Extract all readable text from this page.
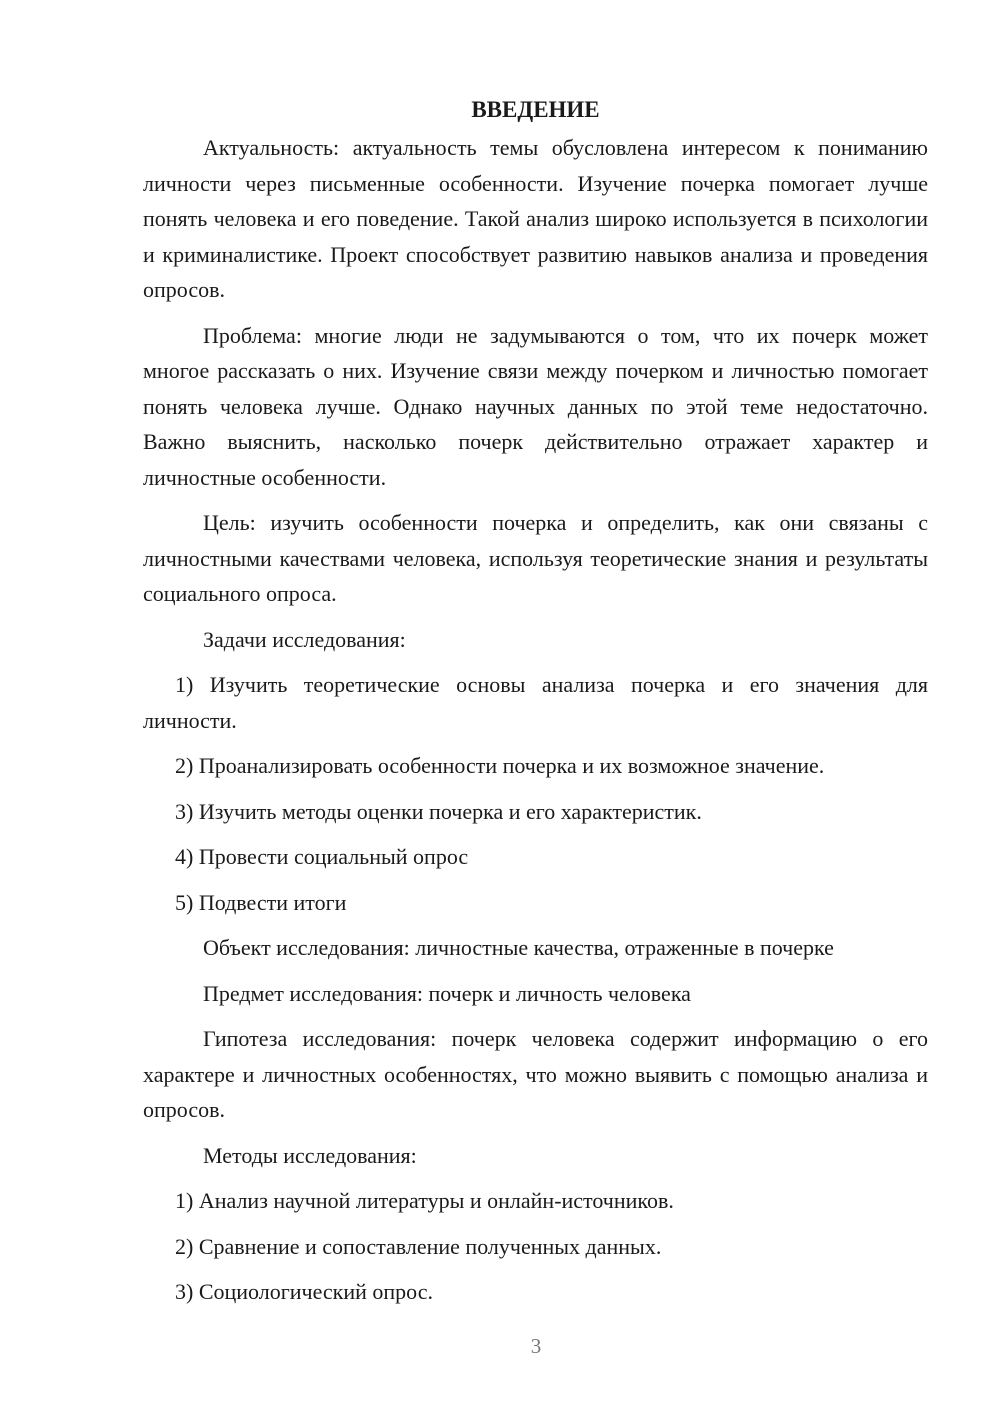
ВВЕДЕНИЕ

Актуальность: актуальность темы обусловлена интересом к пониманию личности через письменные особенности. Изучение почерка помогает лучше понять человека и его поведение. Такой анализ широко используется в психологии и криминалистике. Проект способствует развитию навыков анализа и проведения опросов.

Проблема: многие люди не задумываются о том, что их почерк может многое рассказать о них. Изучение связи между почерком и личностью помогает понять человека лучше. Однако научных данных по этой теме недостаточно. Важно выяснить, насколько почерк действительно отражает характер и личностные особенности.

Цель: изучить особенности почерка и определить, как они связаны с личностными качествами человека, используя теоретические знания и результаты социального опроса.

Задачи исследования:

1) Изучить теоретические основы анализа почерка и его значения для личности.

2) Проанализировать особенности почерка и их возможное значение.

3) Изучить методы оценки почерка и его характеристик.

4) Провести социальный опрос

5) Подвести итоги

Объект исследования: личностные качества, отраженные в почерке

Предмет исследования: почерк и личность человека

Гипотеза исследования: почерк человека содержит информацию о его характере и личностных особенностях, что можно выявить с помощью анализа и опросов.

Методы исследования:

1) Анализ научной литературы и онлайн-источников.

2) Сравнение и сопоставление полученных данных.

3) Социологический опрос.

3
